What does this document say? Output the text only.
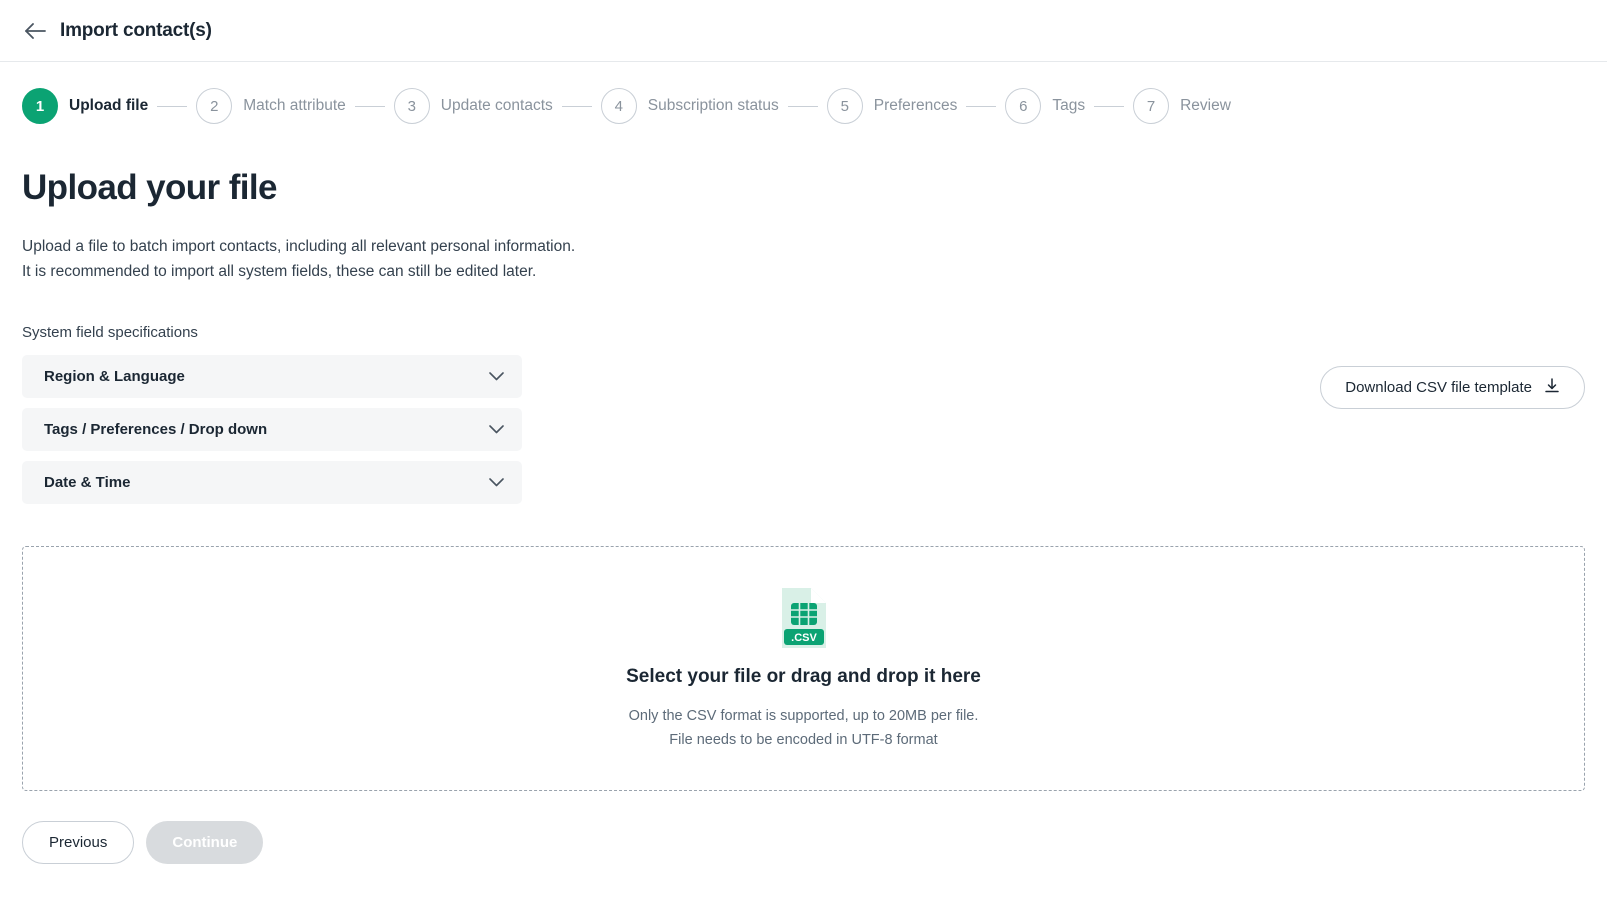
Import contact(s)
1	Upload file	2	Match attribute	3	Update contacts	4	Subscription status	5	Preferences	6	Tags	7	Review
Upload your file
Upload a file to batch import contacts, including all relevant personal information.
It is recommended to import all system fields, these can still be edited later.
System field specifications
Region & Language
Tags / Preferences / Drop down
Date & Time
Download CSV file template
.CSV
Select your file or drag and drop it here
Only the CSV format is supported, up to 20MB per file.
File needs to be encoded in UTF-8 format
Previous	Continue
